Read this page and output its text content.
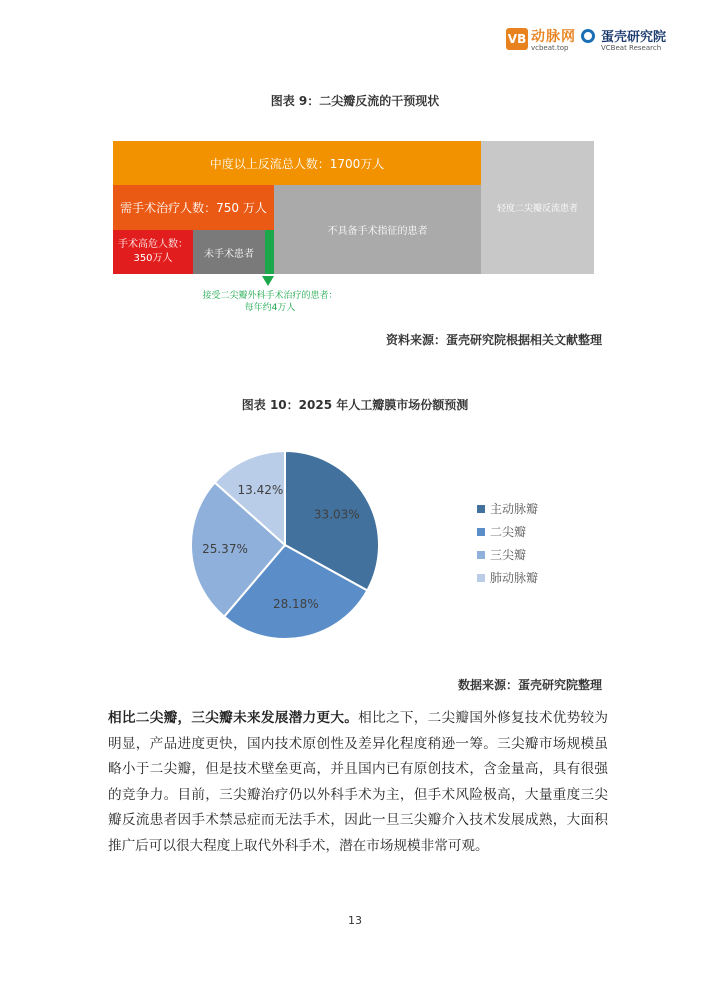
VB 动脉网
vcbeat.top
蛋壳研究院
VCBeat Research
图表 9：二尖瓣反流的干预现状
中度以上反流总人数：1700万人
轻度二尖瓣反流患者
需手术治疗人数：750 万人
不具备手术指征的患者
手术高危人数：
350万人	未手术患者
接受二尖瓣外科手术治疗的患者：
每年约4万人
资料来源：蛋壳研究院根据相关文献整理
图表 10：2025 年人工瓣膜市场份额预测
33.03%
28.18%
25.37%
13.42%
主动脉瓣
二尖瓣
三尖瓣
肺动脉瓣
数据来源：蛋壳研究院整理
相比二尖瓣，三尖瓣未来发展潜力更大。相比之下，二尖瓣国外修复技术优势较为明显，产品进度更快，国内技术原创性及差异化程度稍逊一筹。三尖瓣市场规模虽略小于二尖瓣，但是技术壁垒更高，并且国内已有原创技术，含金量高，具有很强的竞争力。目前，三尖瓣治疗仍以外科手术为主，但手术风险极高，大量重度三尖瓣反流患者因手术禁忌症而无法手术，因此一旦三尖瓣介入技术发展成熟，大面积推广后可以很大程度上取代外科手术，潜在市场规模非常可观。
13
